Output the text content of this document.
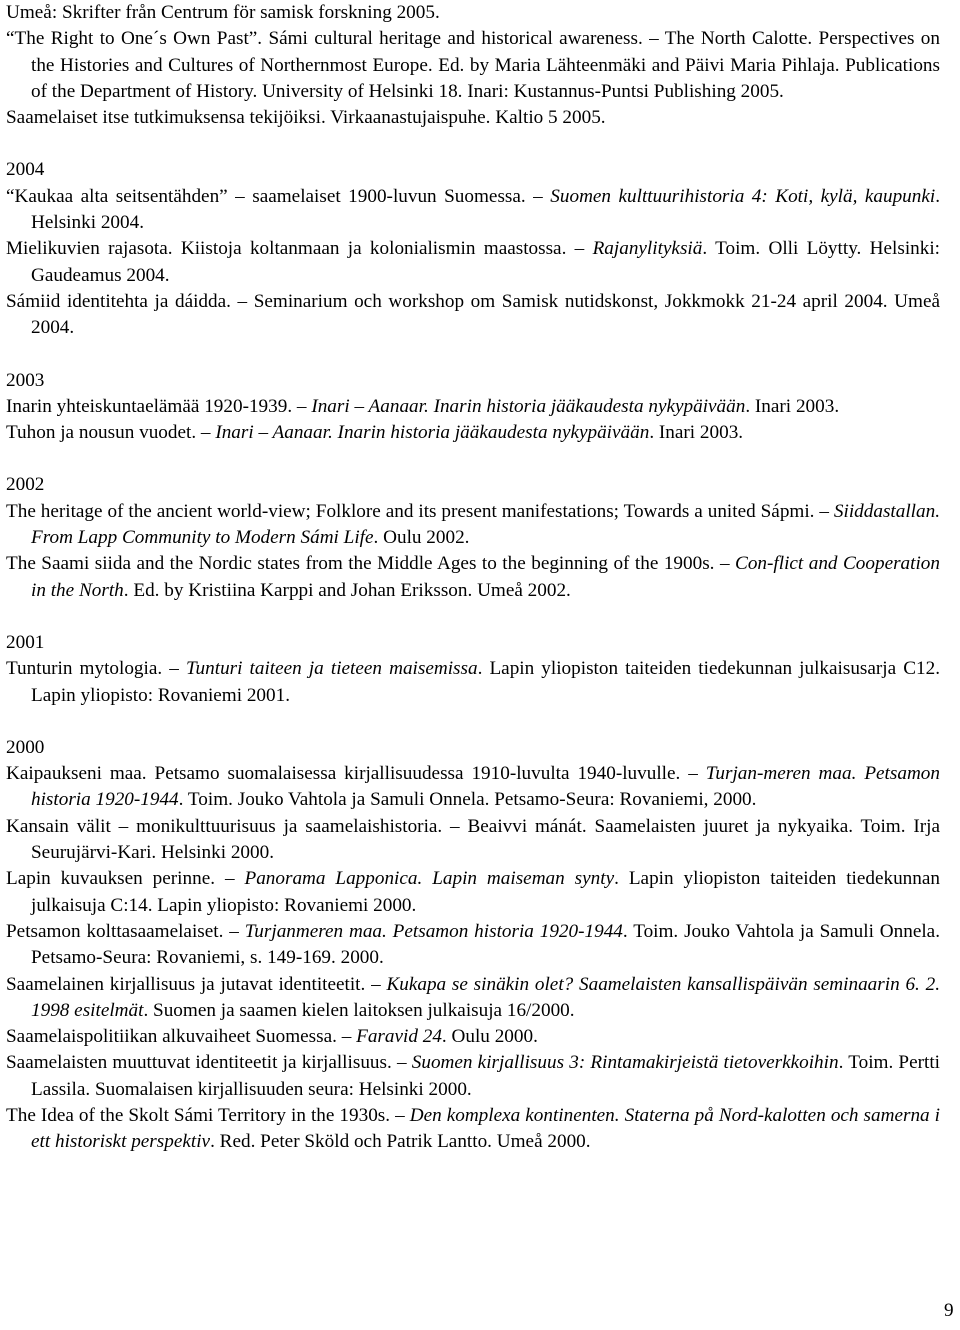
Umeå: Skrifter från Centrum för samisk forskning 2005.

“The Right to One´s Own Past”. Sámi cultural heritage and historical awareness. – The North Calotte. Perspectives on the Histories and Cultures of Northernmost Europe. Ed. by Maria Lähteenmäki and Päivi Maria Pihlaja. Publications of the Department of History. University of Helsinki 18. Inari: Kustannus-Puntsi Publishing 2005.

Saamelaiset itse tutkimuksensa tekijöiksi. Virkaanastujaispuhe. Kaltio 5 2005.

2004

“Kaukaa alta seitsentähden” – saamelaiset 1900-luvun Suomessa. – Suomen kulttuurihistoria 4: Koti, kylä, kaupunki. Helsinki 2004.

Mielikuvien rajasota. Kiistoja koltanmaan ja kolonialismin maastossa. – Rajanylityksiä. Toim. Olli Löytty. Helsinki: Gaudeamus 2004.

Sámiid identitehta ja dáidda. – Seminarium och workshop om Samisk nutidskonst, Jokkmokk 21-24 april 2004. Umeå 2004.

2003

Inarin yhteiskuntaelämää 1920-1939. – Inari – Aanaar. Inarin historia jääkaudesta nykypäivään. Inari 2003.

Tuhon ja nousun vuodet. – Inari – Aanaar. Inarin historia jääkaudesta nykypäivään. Inari 2003.

2002

The heritage of the ancient world-view; Folklore and its present manifestations; Towards a united Sápmi. – Siiddastallan. From Lapp Community to Modern Sámi Life. Oulu 2002.

The Saami siida and the Nordic states from the Middle Ages to the beginning of the 1900s. – Con-flict and Cooperation in the North. Ed. by Kristiina Karppi and Johan Eriksson. Umeå 2002.

2001

Tunturin mytologia. – Tunturi taiteen ja tieteen maisemissa. Lapin yliopiston taiteiden tiedekunnan julkaisusarja C12. Lapin yliopisto: Rovaniemi 2001.

2000

Kaipaukseni maa. Petsamo suomalaisessa kirjallisuudessa 1910-luvulta 1940-luvulle. – Turjan-meren maa. Petsamon historia 1920-1944. Toim. Jouko Vahtola ja Samuli Onnela. Petsamo-Seura: Rovaniemi, 2000.

Kansain välit – monikulttuurisuus ja saamelaishistoria. – Beaivvi mánát. Saamelaisten juuret ja nykyaika. Toim. Irja Seurujärvi-Kari. Helsinki 2000.

Lapin kuvauksen perinne. – Panorama Lapponica. Lapin maiseman synty. Lapin yliopiston taiteiden tiedekunnan julkaisuja C:14. Lapin yliopisto: Rovaniemi 2000.

Petsamon kolttasaamelaiset. – Turjanmeren maa. Petsamon historia 1920-1944. Toim. Jouko Vahtola ja Samuli Onnela. Petsamo-Seura: Rovaniemi, s. 149-169. 2000.

Saamelainen kirjallisuus ja jutavat identiteetit. – Kukapa se sinäkin olet? Saamelaisten kansallispäivän seminaarin 6. 2. 1998 esitelmät. Suomen ja saamen kielen laitoksen julkaisuja 16/2000.

Saamelaispolitiikan alkuvaiheet Suomessa. – Faravid 24. Oulu 2000.

Saamelaisten muuttuvat identiteetit ja kirjallisuus. – Suomen kirjallisuus 3: Rintamakirjeistä tietoverkkoihin. Toim. Pertti Lassila. Suomalaisen kirjallisuuden seura: Helsinki 2000.

The Idea of the Skolt Sámi Territory in the 1930s. – Den komplexa kontinenten. Staterna på Nord-kalotten och samerna i ett historiskt perspektiv. Red. Peter Sköld och Patrik Lantto. Umeå 2000.

9
